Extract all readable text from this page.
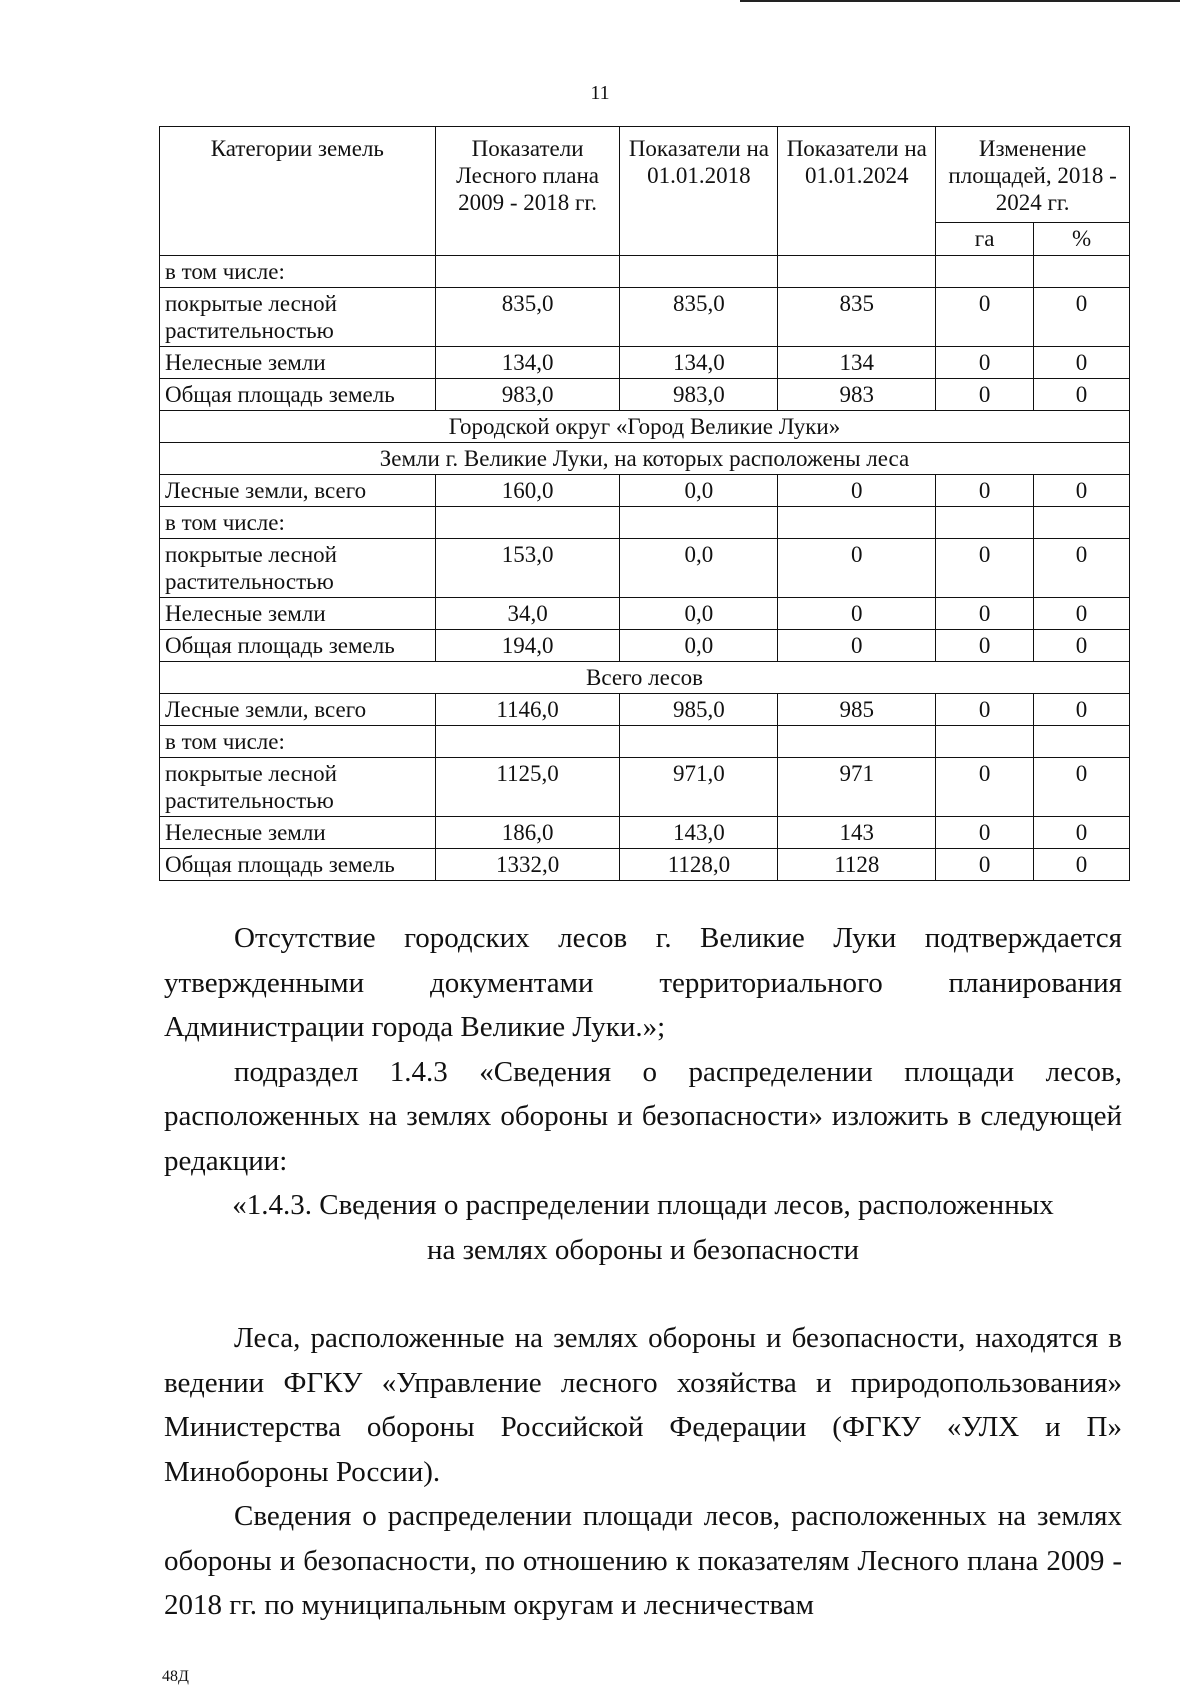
11
Категории земель	Показатели Лесного плана 2009 - 2018 гг.	Показатели на 01.01.2018	Показатели на 01.01.2024	Изменение площадей, 2018 - 2024 гг.	
				га	%
в том числе:					
покрытые лесной растительностью	835,0	835,0	835	0	0
Нелесные земли	134,0	134,0	134	0	0
Общая площадь земель	983,0	983,0	983	0	0
Городской округ «Город Великие Луки»					
Земли г. Великие Луки, на которых расположены леса					
Лесные земли, всего	160,0	0,0	0	0	0
в том числе:					
покрытые лесной растительностью	153,0	0,0	0	0	0
Нелесные земли	34,0	0,0	0	0	0
Общая площадь земель	194,0	0,0	0	0	0
Всего лесов					
Лесные земли, всего	1146,0	985,0	985	0	0
в том числе:					
покрытые лесной растительностью	1125,0	971,0	971	0	0
Нелесные земли	186,0	143,0	143	0	0
Общая площадь земель	1332,0	1128,0	1128	0	0

Отсутствие городских лесов г. Великие Луки подтверждается утвержденными документами территориального планирования Администрации города Великие Луки.»;

подраздел 1.4.3 «Сведения о распределении площади лесов, расположенных на землях обороны и безопасности» изложить в следующей редакции:

«1.4.3. Сведения о распределении площади лесов, расположенных

на землях обороны и безопасности

Леса, расположенные на землях обороны и безопасности, находятся в ведении ФГКУ «Управление лесного хозяйства и природопользования» Министерства обороны Российской Федерации (ФГКУ «УЛХ и П» Минобороны России).

Сведения о распределении площади лесов, расположенных на землях обороны и безопасности, по отношению к показателям Лесного плана 2009 - 2018 гг. по муниципальным округам и лесничествам

48Д
